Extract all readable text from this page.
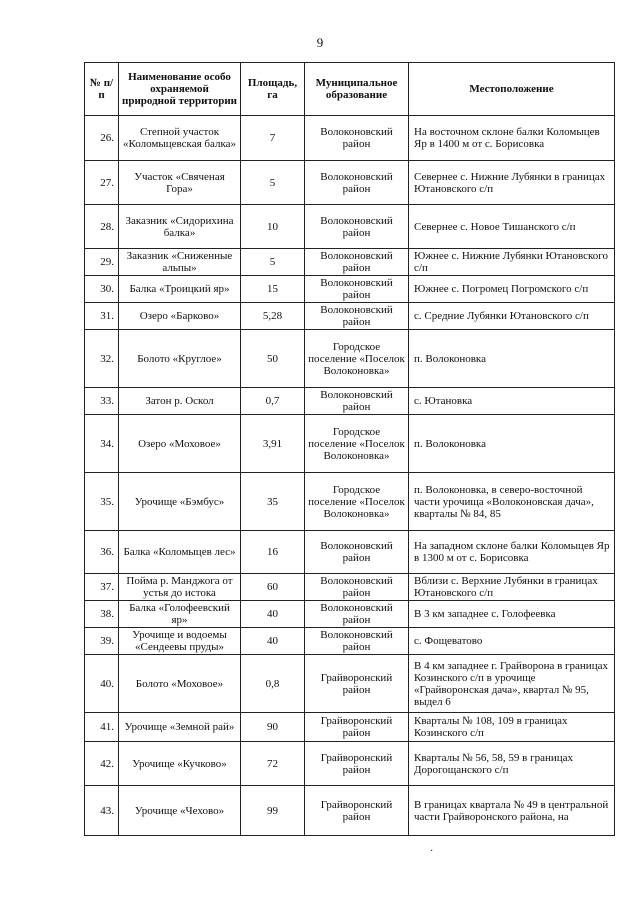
9
№ п/п	Наименование особо охраняемой природной территории	Площадь, га	Муниципальное образование	Местоположение
26.	Степной участок «Коломыцевская балка»	7	Волоконовский район	На восточном склоне балки Коломыцев Яр в 1400 м от с. Борисовка
27.	Участок «Свяченая Гора»	5	Волоконовский район	Севернее с. Нижние Лубянки в границах Ютановского с/п
28.	Заказник «Сидорихина балка»	10	Волоконовский район	Севернее с. Новое Тишанского с/п
29.	Заказник «Сниженные альпы»	5	Волоконовский район	Южнее с. Нижние Лубянки Ютановского с/п
30.	Балка «Троицкий яр»	15	Волоконовский район	Южнее с. Погромец Погромского с/п
31.	Озеро «Барково»	5,28	Волоконовский район	с. Средние Лубянки Ютановского с/п
32.	Болото «Круглое»	50	Городское поселение «Поселок Волоконовка»	п. Волоконовка
33.	Затон р. Оскол	0,7	Волоконовский район	с. Ютановка
34.	Озеро «Моховое»	3,91	Городское поселение «Поселок Волоконовка»	п. Волоконовка
35.	Урочище «Бэмбус»	35	Городское поселение «Поселок Волоконовка»	п. Волоконовка, в северо-восточной части урочища «Волоконовская дача», кварталы № 84, 85
36.	Балка «Коломыцев лес»	16	Волоконовский район	На западном склоне балки Коломыцев Яр в 1300 м от с. Борисовка
37.	Пойма р. Манджога от устья до истока	60	Волоконовский район	Вблизи с. Верхние Лубянки в границах Ютановского с/п
38.	Балка «Голофеевский яр»	40	Волоконовский район	В 3 км западнее с. Голофеевка
39.	Урочище и водоемы «Сендеевы пруды»	40	Волоконовский район	с. Фощеватово
40.	Болото «Моховое»	0,8	Грайворонский район	В 4 км западнее г. Грайворона в границах Козинского с/п в урочище «Грайворонская дача», квартал № 95, выдел 6
41.	Урочище «Земной рай»	90	Грайворонский район	Кварталы № 108, 109 в границах Козинского с/п
42.	Урочище «Кучково»	72	Грайворонский район	Кварталы № 56, 58, 59 в границах Дорогощанского с/п
43.	Урочище «Чехово»	99	Грайворонский район	В границах квартала № 49 в центральной части Грайворонского района, на
·
